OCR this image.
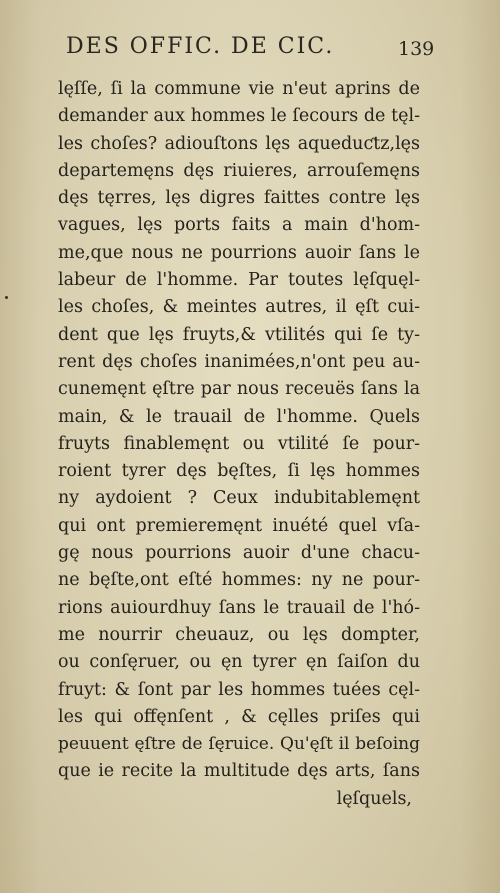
DES OFFIC. DE CIC.	139
lęſſe, ſi la commune vie n'eut aprins de
demander aux hommes le ſecours de tęl-
les choſes? adiouſtons lęs aqueduƈtz,lęs
departemęns dęs riuieres, arrouſemęns
dęs tęrres, lęs digres faittes contre lęs
vagues, lęs ports faits a main d'hom-
me,que nous ne pourrions auoir ſans le
labeur de l'homme. Par toutes lęſquęl-
les choſes, & meintes autres, il ęſt cui-
dent que lęs fruyts,& vtilités qui ſe ty-
rent dęs choſes inanimées,n'ont peu au-
cunemęnt ęſtre par nous receuës ſans la
main, & le trauail de l'homme. Quels
fruyts finablemęnt ou vtilité ſe pour-
roient tyrer dęs bęſtes, ſi lęs hommes
ny aydoient ? Ceux indubitablemęnt
qui ont premieremęnt inuété quel vſa-
gę nous pourrions auoir d'une chacu-
ne bęſte,ont eſté hommes: ny ne pour-
rions auiourdhuy ſans le trauail de l'hó-
me nourrir cheuauz, ou lęs dompter,
ou conſęruer, ou ęn tyrer ęn ſaiſon du
fruyt: & ſont par les hommes tuées cęl-
les qui offęnſent , & cęlles priſes qui
peuuent ęſtre de ſęruice. Qu'ęſt il beſoing
que ie recite la multitude dęs arts, ſans
lęſquels,
